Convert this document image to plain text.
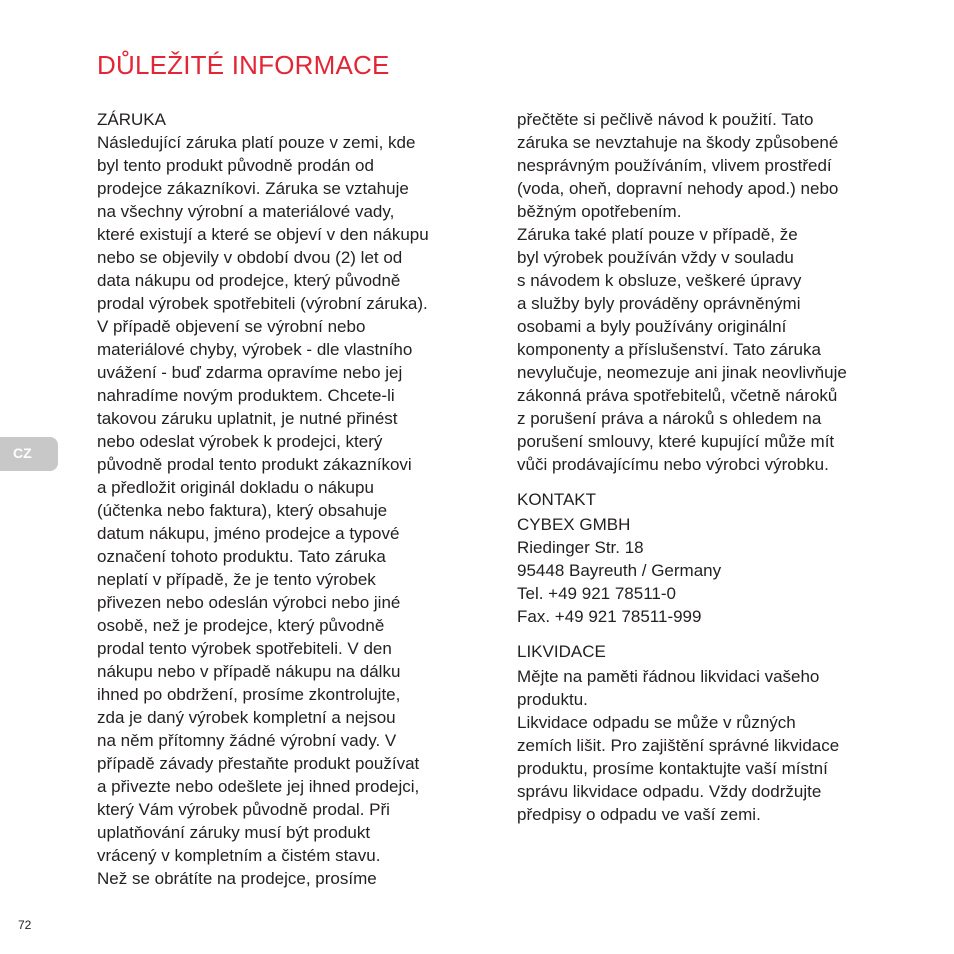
DŮLEŽITÉ INFORMACE
CZ
ZÁRUKA
Následující záruka platí pouze v zemi, kde
byl tento produkt původně prodán od
prodejce zákazníkovi. Záruka se vztahuje
na všechny výrobní a materiálové vady,
které existují a které se objeví v den nákupu
nebo se objevily v období dvou (2) let od
data nákupu od prodejce, který původně
prodal výrobek spotřebiteli (výrobní záruka).
V případě objevení se výrobní nebo
materiálové chyby, výrobek - dle vlastního
uvážení - buď zdarma opravíme nebo jej
nahradíme novým produktem. Chcete-li
takovou záruku uplatnit, je nutné přinést
nebo odeslat výrobek k prodejci, který
původně prodal tento produkt zákazníkovi
a předložit originál dokladu o nákupu
(účtenka nebo faktura), který obsahuje
datum nákupu, jméno prodejce a typové
označení tohoto produktu. Tato záruka
neplatí v případě, že je tento výrobek
přivezen nebo odeslán výrobci nebo jiné
osobě, než je prodejce, který původně
prodal tento výrobek spotřebiteli. V den
nákupu nebo v případě nákupu na dálku
ihned po obdržení, prosíme zkontrolujte,
zda je daný výrobek kompletní a nejsou
na něm přítomny žádné výrobní vady. V
případě závady přestaňte produkt používat
a přivezte nebo odešlete jej ihned prodejci,
který Vám výrobek původně prodal. Při
uplatňování záruky musí být produkt
vrácený v kompletním a čistém stavu.
Než se obrátíte na prodejce, prosíme
přečtěte si pečlivě návod k použití. Tato
záruka se nevztahuje na škody způsobené
nesprávným používáním, vlivem prostředí
(voda, oheň, dopravní nehody apod.) nebo
běžným opotřebením.
Záruka také platí pouze v případě, že
byl výrobek používán vždy v souladu
s návodem k obsluze, veškeré úpravy
a služby byly prováděny oprávněnými
osobami a byly používány originální
komponenty a příslušenství. Tato záruka
nevylučuje, neomezuje ani jinak neovlivňuje
zákonná práva spotřebitelů, včetně nároků
z porušení práva a nároků s ohledem na
porušení smlouvy, které kupující může mít
vůči prodávajícímu nebo výrobci výrobku.
KONTAKT
CYBEX GMBH
Riedinger Str. 18
95448 Bayreuth / Germany
Tel. +49 921 78511-0
Fax. +49 921 78511-999
LIKVIDACE
Mějte na paměti řádnou likvidaci vašeho
produktu.
Likvidace odpadu se může v různých
zemích lišit. Pro zajištění správné likvidace
produktu, prosíme kontaktujte vaší místní
správu likvidace odpadu. Vždy dodržujte
předpisy o odpadu ve vaší zemi.
72
